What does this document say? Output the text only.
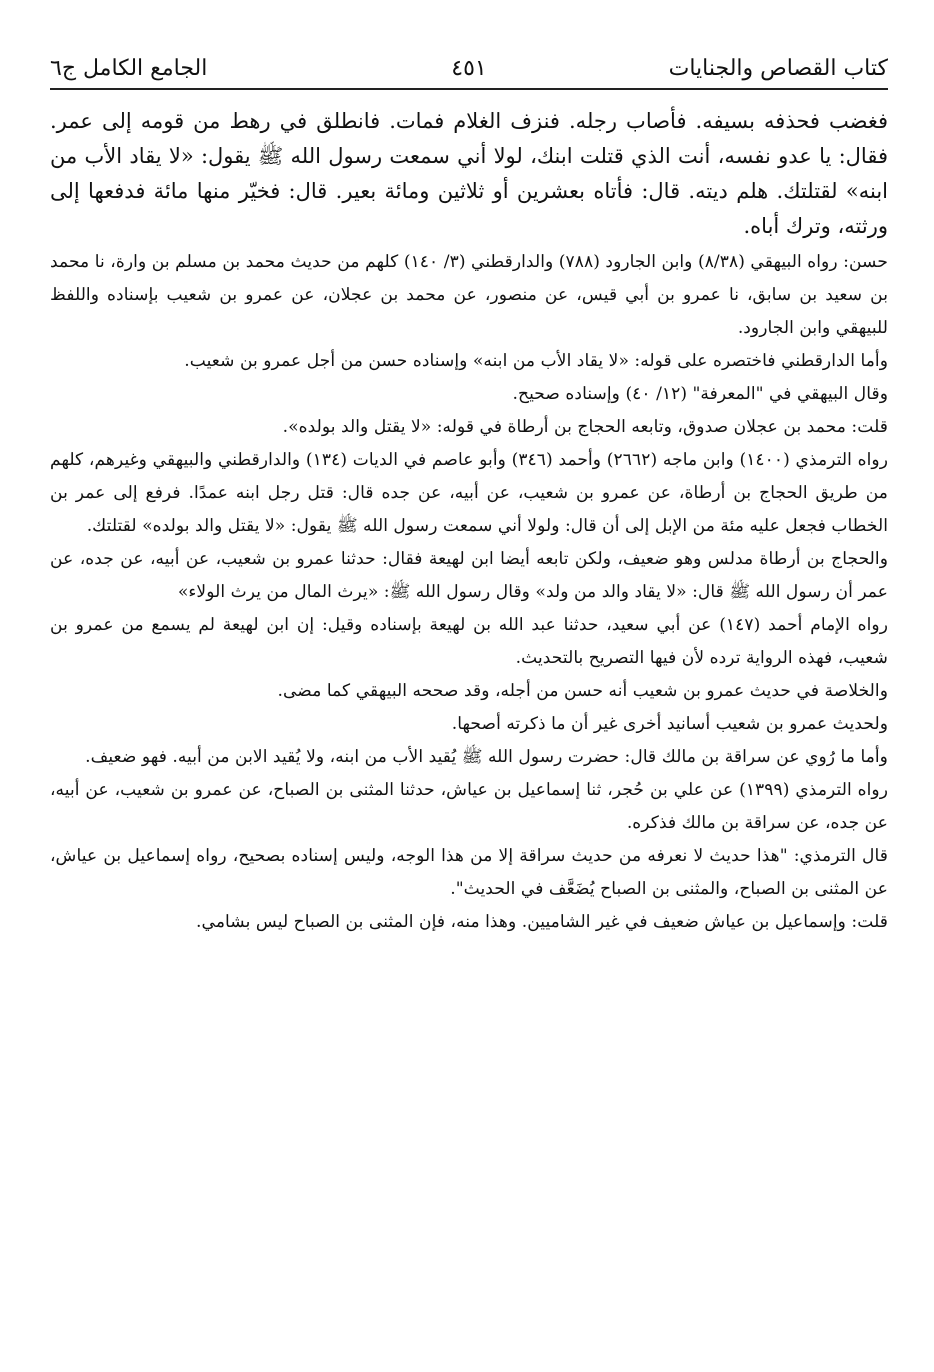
كتاب القصاص والجنايات
٤٥١
الجامع الكامل ج٦

فغضب فحذفه بسيفه. فأصاب رجله. فنزف الغلام فمات. فانطلق في رهط من قومه إلى عمر. فقال: يا عدو نفسه، أنت الذي قتلت ابنك، لولا أني سمعت رسول الله ﷺ يقول: «لا يقاد الأب من ابنه» لقتلتك. هلم ديته. قال: فأتاه بعشرين أو ثلاثين ومائة بعير. قال: فخيّر منها مائة فدفعها إلى ورثته، وترك أباه.

حسن: رواه البيهقي (٨/٣٨) وابن الجارود (٧٨٨) والدارقطني (٣/ ١٤٠) كلهم من حديث محمد بن مسلم بن وارة، نا محمد بن سعيد بن سابق، نا عمرو بن أبي قيس، عن منصور، عن محمد بن عجلان، عن عمرو بن شعيب بإسناده واللفظ للبيهقي وابن الجارود.

وأما الدارقطني فاختصره على قوله: «لا يقاد الأب من ابنه» وإسناده حسن من أجل عمرو بن شعيب.

وقال البيهقي في "المعرفة" (١٢/ ٤٠) وإسناده صحيح.

قلت: محمد بن عجلان صدوق، وتابعه الحجاج بن أرطاة في قوله: «لا يقتل والد بولده».

رواه الترمذي (١٤٠٠) وابن ماجه (٢٦٦٢) وأحمد (٣٤٦) وأبو عاصم في الديات (١٣٤) والدارقطني والبيهقي وغيرهم، كلهم من طريق الحجاج بن أرطاة، عن عمرو بن شعيب، عن أبيه، عن جده قال: قتل رجل ابنه عمدًا. فرفع إلى عمر بن الخطاب فجعل عليه مئة من الإبل إلى أن قال: ولولا أني سمعت رسول الله ﷺ يقول: «لا يقتل والد بولده» لقتلتك.

والحجاج بن أرطاة مدلس وهو ضعيف، ولكن تابعه أيضا ابن لهيعة فقال: حدثنا عمرو بن شعيب، عن أبيه، عن جده، عن عمر أن رسول الله ﷺ قال: «لا يقاد والد من ولد» وقال رسول الله ﷺ: «يرث المال من يرث الولاء»

رواه الإمام أحمد (١٤٧) عن أبي سعيد، حدثنا عبد الله بن لهيعة بإسناده وقيل: إن ابن لهيعة لم يسمع من عمرو بن شعيب، فهذه الرواية ترده لأن فيها التصريح بالتحديث.

والخلاصة في حديث عمرو بن شعيب أنه حسن من أجله، وقد صححه البيهقي كما مضى.

ولحديث عمرو بن شعيب أسانيد أخرى غير أن ما ذكرته أصحها.

وأما ما رُوي عن سراقة بن مالك قال: حضرت رسول الله ﷺ يُقيد الأب من ابنه، ولا يُقيد الابن من أبيه. فهو ضعيف.

رواه الترمذي (١٣٩٩) عن علي بن حُجر، ثنا إسماعيل بن عياش، حدثنا المثنى بن الصباح، عن عمرو بن شعيب، عن أبيه، عن جده، عن سراقة بن مالك فذكره.

قال الترمذي: "هذا حديث لا نعرفه من حديث سراقة إلا من هذا الوجه، وليس إسناده بصحيح، رواه إسماعيل بن عياش، عن المثنى بن الصباح، والمثنى بن الصباح يُضَعَّف في الحديث".

قلت: وإسماعيل بن عياش ضعيف في غير الشاميين. وهذا منه، فإن المثنى بن الصباح ليس بشامي.
